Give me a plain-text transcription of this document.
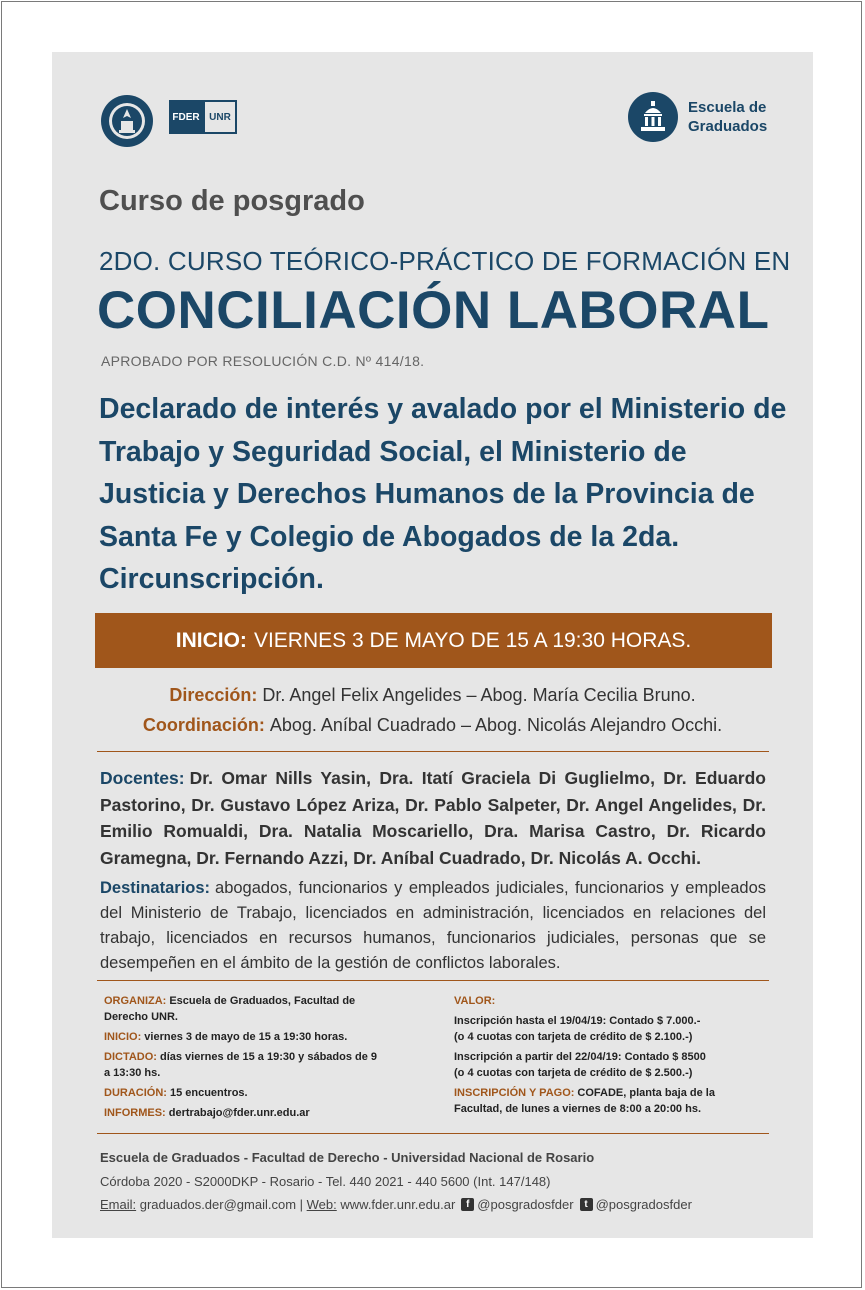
FDER UNR
Escuela de
Graduados
Curso de posgrado
2DO. CURSO TEÓRICO-PRÁCTICO DE FORMACIÓN EN
CONCILIACIÓN LABORAL
APROBADO POR RESOLUCIÓN C.D. Nº 414/18.
Declarado de interés y avalado por el Ministerio de Trabajo y Seguridad Social, el Ministerio de Justicia y Derechos Humanos de la Provincia de Santa Fe y Colegio de Abogados de la 2da. Circunscripción.
INICIO: VIERNES 3 DE MAYO DE 15 A 19:30 HORAS.
Dirección: Dr. Angel Felix Angelides – Abog. María Cecilia Bruno.
Coordinación: Abog. Aníbal Cuadrado – Abog. Nicolás Alejandro Occhi.
Docentes: Dr. Omar Nills Yasin, Dra. Itatí Graciela Di Guglielmo, Dr. Eduardo Pastorino, Dr. Gustavo López Ariza, Dr. Pablo Salpeter, Dr. Angel Angelides, Dr. Emilio Romualdi, Dra. Natalia Moscariello, Dra. Marisa Castro, Dr. Ricardo Gramegna, Dr. Fernando Azzi, Dr. Aníbal Cuadrado, Dr. Nicolás A. Occhi.
Destinatarios: abogados, funcionarios y empleados judiciales, funcionarios y empleados del Ministerio de Trabajo, licenciados en administración, licenciados en relaciones del trabajo, licenciados en recursos humanos, funcionarios judiciales, personas que se desempeñen en el ámbito de la gestión de conflictos laborales.
ORGANIZA: Escuela de Graduados, Facultad de Derecho UNR.
INICIO: viernes 3 de mayo de 15 a 19:30 horas.
DICTADO: días viernes de 15 a 19:30 y sábados de 9 a 13:30 hs.
DURACIÓN: 15 encuentros.
INFORMES: dertrabajo@fder.unr.edu.ar
VALOR:
Inscripción hasta el 19/04/19: Contado $ 7.000.-
(o 4 cuotas con tarjeta de crédito de $ 2.100.-)
Inscripción a partir del 22/04/19: Contado $ 8500
(o 4 cuotas con tarjeta de crédito de $ 2.500.-)
INSCRIPCIÓN Y PAGO: COFADE, planta baja de la Facultad, de lunes a viernes de 8:00 a 20:00 hs.
Escuela de Graduados - Facultad de Derecho - Universidad Nacional de Rosario
Córdoba 2020 - S2000DKP - Rosario - Tel. 440 2021 - 440 5600 (Int. 147/148)
Email:
graduados.der@gmail.com |
Web:
www.fder.unr.edu.ar	f @posgradosfder	t @posgradosfder
